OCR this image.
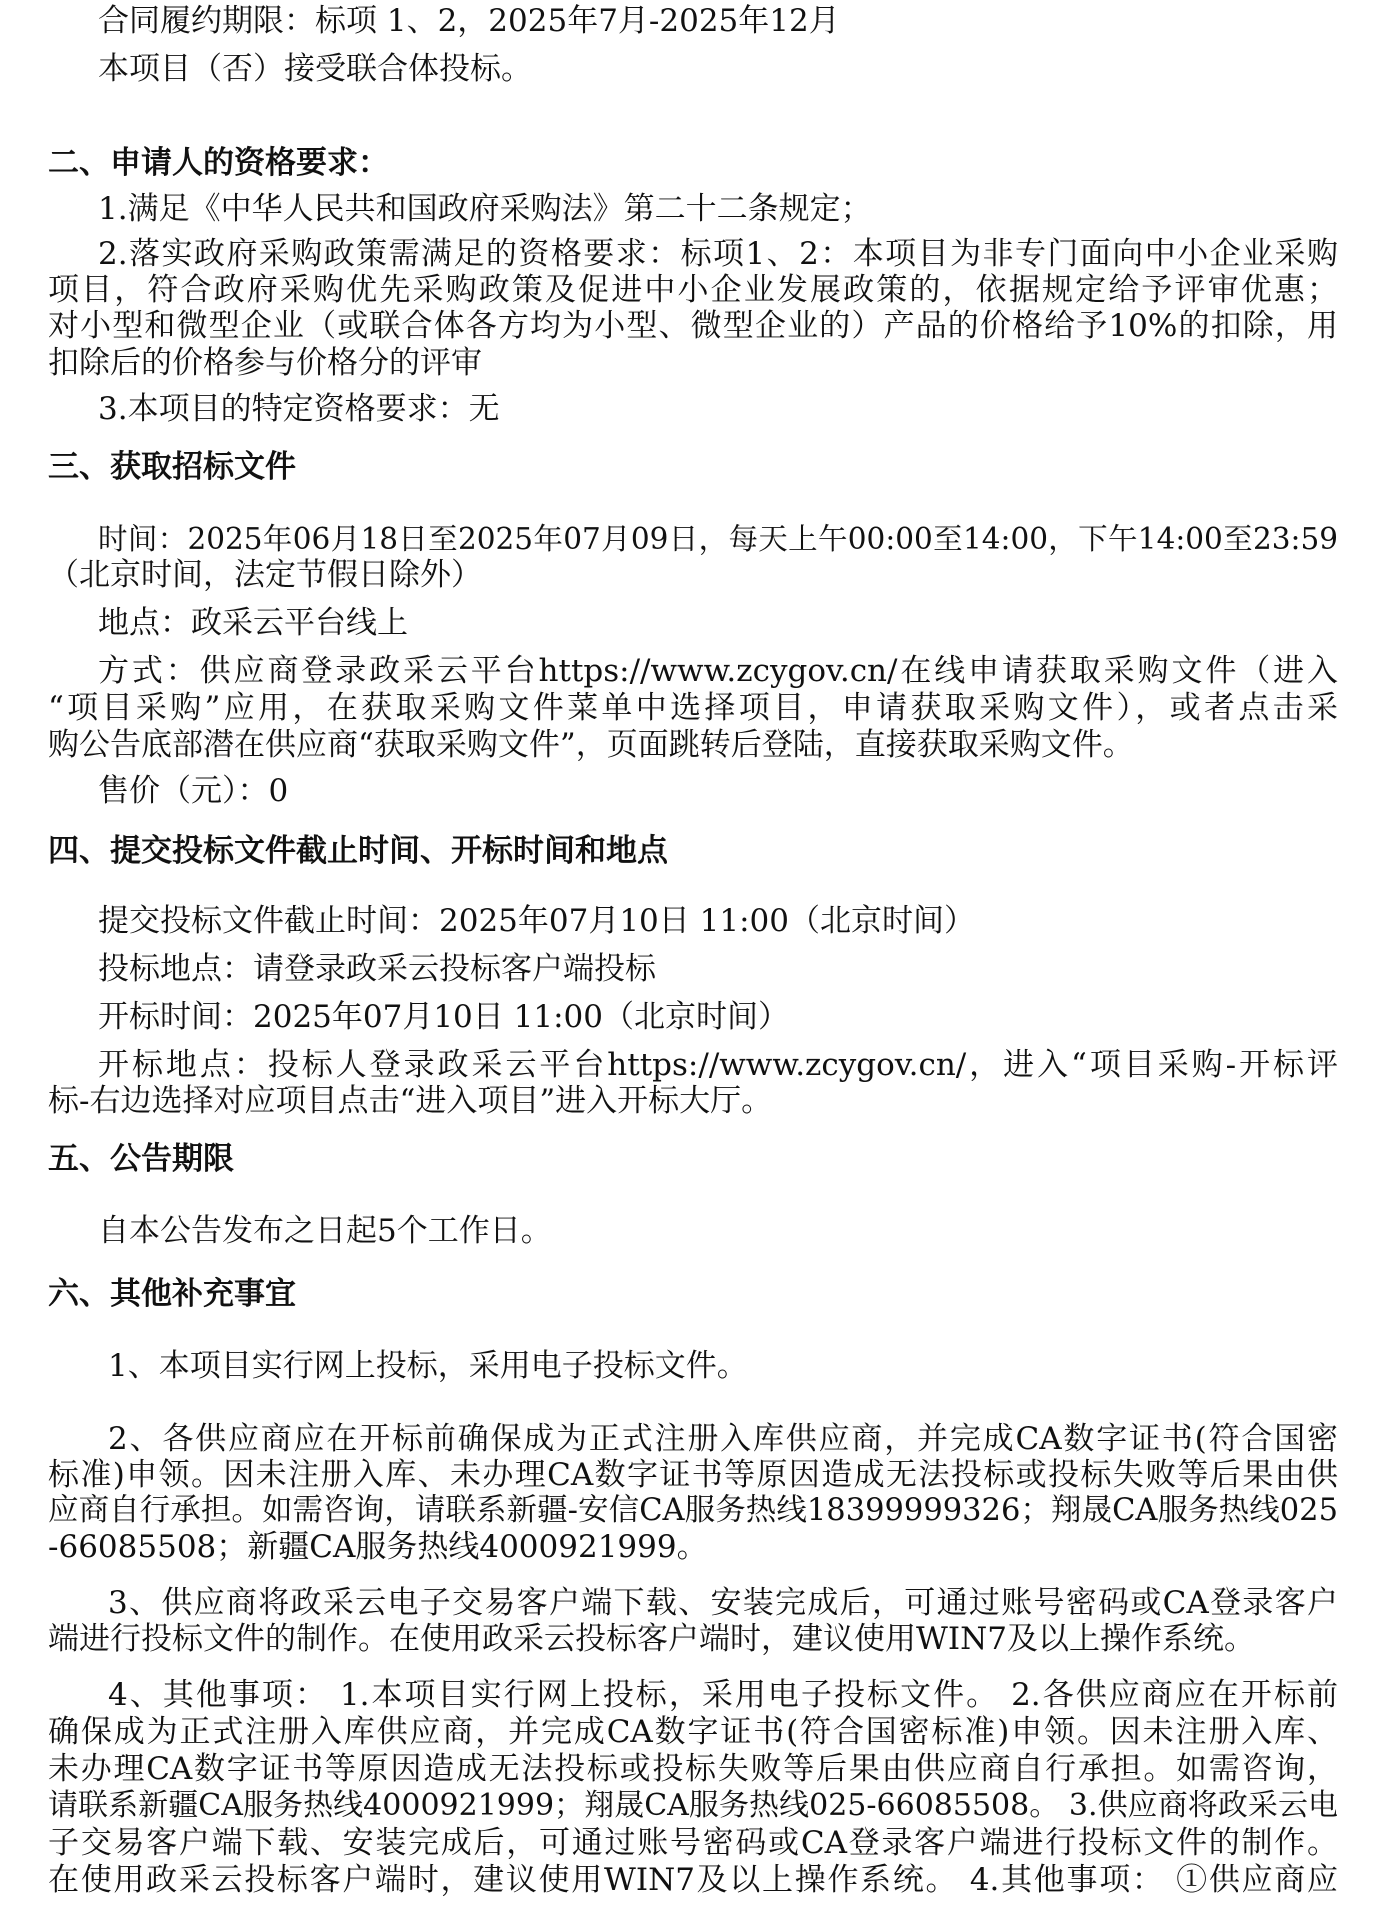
合同履约期限：标项 1、2，2025年7月-2025年12月
本项目（否）接受联合体投标。
二、申请人的资格要求：
1.满足《中华人民共和国政府采购法》第二十二条规定；
2.落实政府采购政策需满足的资格要求：标项1、2：本项目为非专门面向中小企业采购
项目，符合政府采购优先采购政策及促进中小企业发展政策的，依据规定给予评审优惠；
对小型和微型企业（或联合体各方均为小型、微型企业的）产品的价格给予10%的扣除，用
扣除后的价格参与价格分的评审
3.本项目的特定资格要求：无
三、获取招标文件
时间：2025年06月18日至2025年07月09日，每天上午00:00至14:00，下午14:00至23:59
（北京时间，法定节假日除外）
地点：政采云平台线上
方式：供应商登录政采云平台https://www.zcygov.cn/在线申请获取采购文件（进入
“项目采购”应用，在获取采购文件菜单中选择项目，申请获取采购文件），或者点击采
购公告底部潜在供应商“获取采购文件”，页面跳转后登陆，直接获取采购文件。
售价（元）：0
四、提交投标文件截止时间、开标时间和地点
提交投标文件截止时间：2025年07月10日 11:00（北京时间）
投标地点：请登录政采云投标客户端投标
开标时间：2025年07月10日 11:00（北京时间）
开标地点：投标人登录政采云平台https://www.zcygov.cn/，进入“项目采购-开标评
标-右边选择对应项目点击“进入项目”进入开标大厅。
五、公告期限
自本公告发布之日起5个工作日。
六、其他补充事宜
1、本项目实行网上投标，采用电子投标文件。
2、各供应商应在开标前确保成为正式注册入库供应商，并完成CA数字证书(符合国密
标准)申领。因未注册入库、未办理CA数字证书等原因造成无法投标或投标失败等后果由供
应商自行承担。如需咨询，请联系新疆-安信CA服务热线18399999326；翔晟CA服务热线025
-66085508；新疆CA服务热线4000921999。
3、供应商将政采云电子交易客户端下载、安装完成后，可通过账号密码或CA登录客户
端进行投标文件的制作。在使用政采云投标客户端时，建议使用WIN7及以上操作系统。
4、其他事项： 1.本项目实行网上投标，采用电子投标文件。 2.各供应商应在开标前
确保成为正式注册入库供应商，并完成CA数字证书(符合国密标准)申领。因未注册入库、
未办理CA数字证书等原因造成无法投标或投标失败等后果由供应商自行承担。如需咨询，
请联系新疆CA服务热线4000921999；翔晟CA服务热线025-66085508。 3.供应商将政采云电
子交易客户端下载、安装完成后，可通过账号密码或CA登录客户端进行投标文件的制作。
在使用政采云投标客户端时，建议使用WIN7及以上操作系统。 4.其他事项： ①供应商应
